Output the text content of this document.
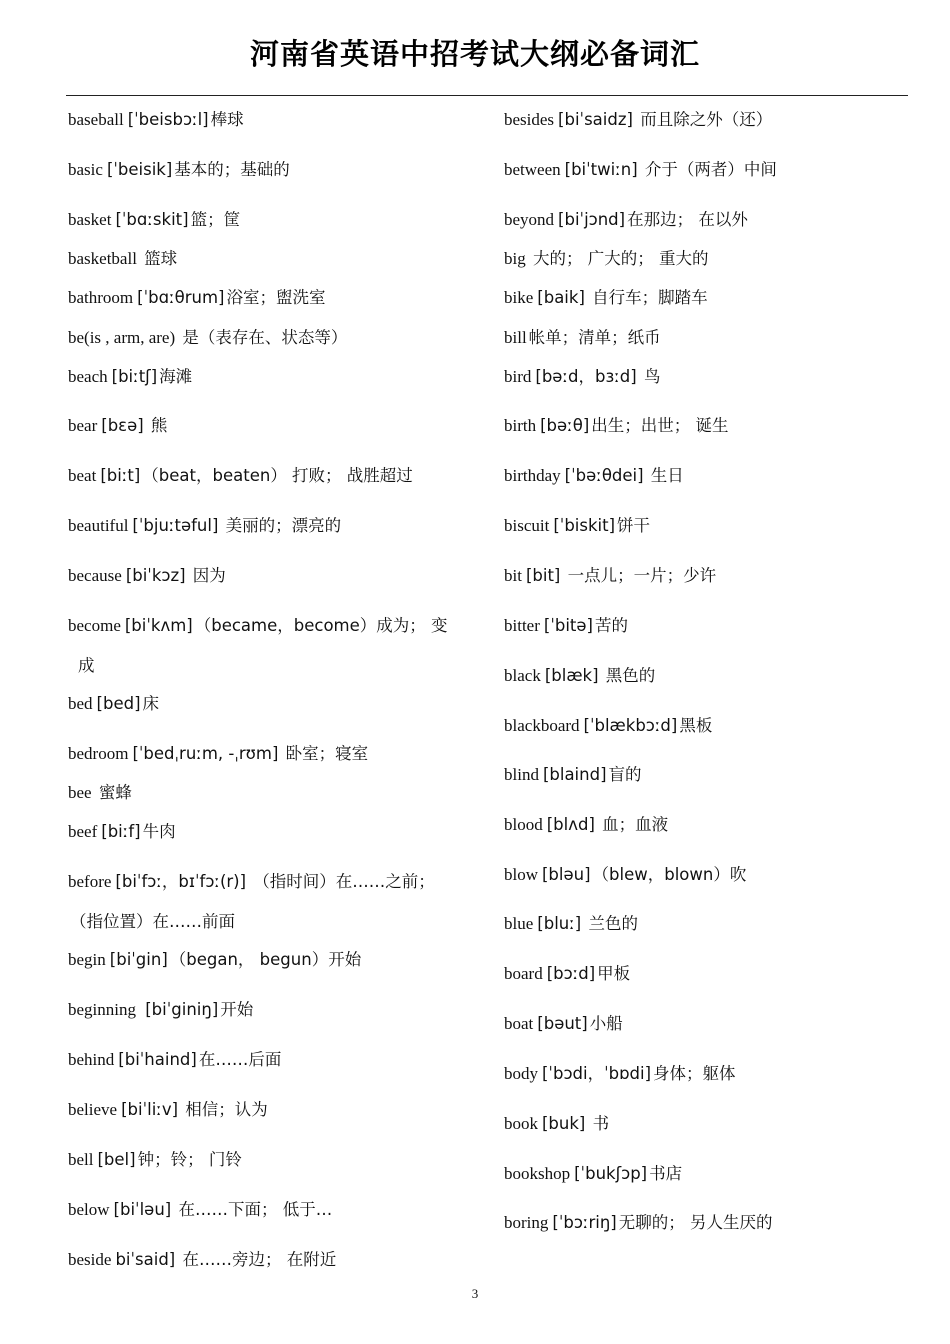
河南省英语中招考试大纲必备词汇
baseball [ˈbeisbɔːl] 棒球
basic [ˈbeisik] 基本的；基础的
basket [ˈbɑːskit] 篮；筐
basketball 篮球
bathroom [ˈbɑːθrum] 浴室；盥洗室
be(is , arm, are) 是（表存在、状态等）
beach [biːtʃ] 海滩
bear [bɛə] 熊
beat [biːt] （beat，beaten） 打败； 战胜超过
beautiful [ˈbjuːtəful] 美丽的；漂亮的
because [biˈkɔz] 因为
become [biˈkʌm] （became，become）成为； 变
成
bed [bed] 床
bedroom [ˈbedˌruːm, -ˌrʊm] 卧室；寝室
bee 蜜蜂
beef [biːf] 牛肉
before [biˈfɔː，bɪˈfɔː(r)] （指时间）在……之前；
（指位置）在……前面
begin [biˈgin] （began， begun）开始
beginning [biˈginiŋ] 开始
behind [biˈhaind] 在……后面
believe [biˈliːv] 相信；认为
bell [bel] 钟；铃； 门铃
below [biˈləu] 在……下面； 低于…
beside biˈsaid] 在……旁边； 在附近
besides [biˈsaidz] 而且除之外（还）
between [biˈtwiːn] 介于（两者）中间
beyond [biˈjɔnd] 在那边； 在以外
big 大的； 广大的； 重大的
bike [baik] 自行车；脚踏车
bill 帐单；清单；纸币
bird [bəːd，bɜːd] 鸟
birth [bəːθ] 出生；出世； 诞生
birthday [ˈbəːθdei] 生日
biscuit [ˈbiskit] 饼干
bit [bit] 一点儿；一片；少许
bitter [ˈbitə] 苦的
black [blæk] 黑色的
blackboard [ˈblækbɔːd] 黑板
blind [blaind] 盲的
blood [blʌd] 血；血液
blow [bləu] （blew，blown）吹
blue [bluː] 兰色的
board [bɔːd] 甲板
boat [bəut] 小船
body [ˈbɔdi，ˈbɒdi] 身体；躯体
book [buk] 书
bookshop [ˈbukʃɔp] 书店
boring [ˈbɔːriŋ] 无聊的； 另人生厌的
3
